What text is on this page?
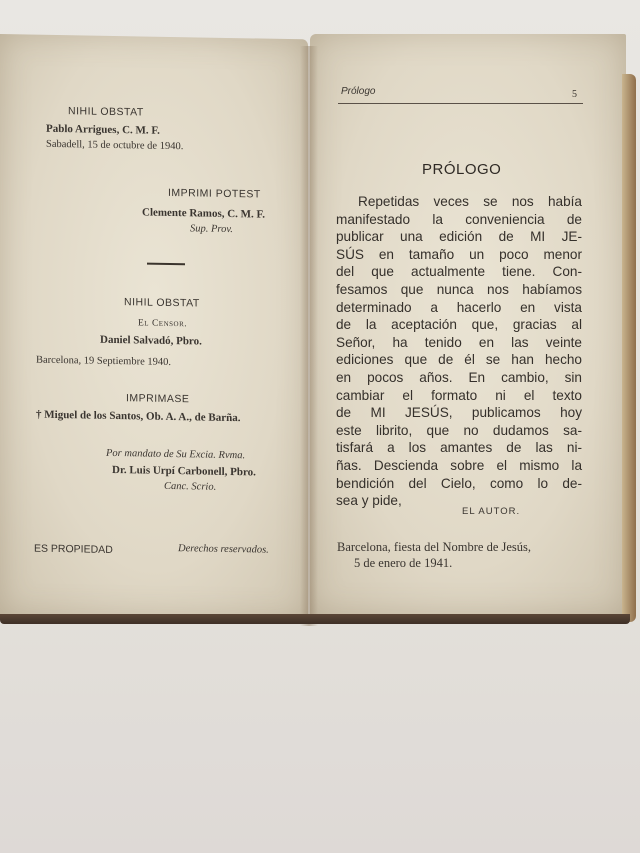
NIHIL OBSTAT
Pablo Arrigues, C. M. F.
Sabadell, 15 de octubre de 1940.
IMPRIMI POTEST
Clemente Ramos, C. M. F.
Sup. Prov.
NIHIL OBSTAT
El Censor.
Daniel Salvadó, Pbro.
Barcelona, 19 Septiembre 1940.
IMPRIMASE
† Miguel de los Santos, Ob. A. A., de Barña.
Por mandato de Su Excia. Rvma.
Dr. Luis Urpí Carbonell, Pbro.
Canc. Scrio.
ES PROPIEDAD	Derechos reservados.
Prólogo	5
PRÓLOGO
Repetidas veces se nos había
manifestado la conveniencia de
publicar una edición de MI JE-
SÚS en tamaño un poco menor
del que actualmente tiene. Con-
fesamos que nunca nos habíamos
determinado a hacerlo en vista
de la aceptación que, gracias al
Señor, ha tenido en las veinte
ediciones que de él se han hecho
en pocos años. En cambio, sin
cambiar el formato ni el texto
de MI JESÚS, publicamos hoy
este librito, que no dudamos sa-
tisfará a los amantes de las ni-
ñas. Descienda sobre el mismo la
bendición del Cielo, como lo de-
sea y pide,
EL AUTOR.
Barcelona, fiesta del Nombre de Jesús,
5 de enero de 1941.
